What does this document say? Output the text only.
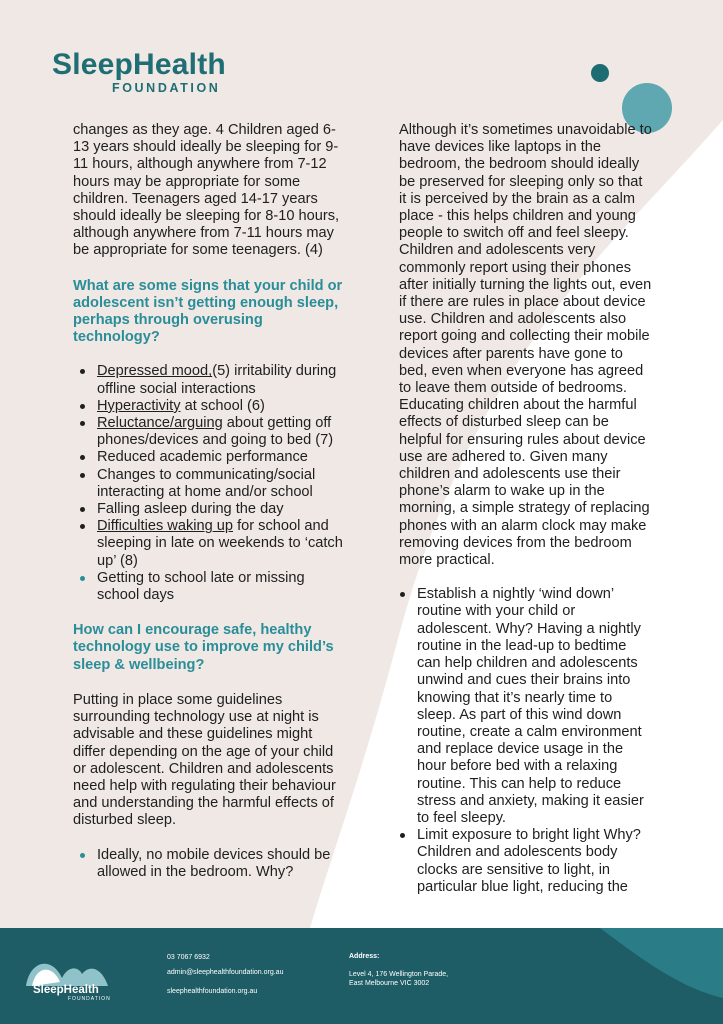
SleepHealth
FOUNDATION

changes as they age. 4 Children aged 6-13 years should ideally be sleeping for 9-11 hours, although anywhere from 7-12 hours may be appropriate for some children. Teenagers aged 14-17 years should ideally be sleeping for 8-10 hours, although anywhere from 7-11 hours may be appropriate for some teenagers. (4)

What are some signs that your child or adolescent isn’t getting enough sleep, perhaps through overusing technology?
Depressed mood,(5) irritability during offline social interactions
Hyperactivity at school (6)
Reluctance/arguing about getting off phones/devices and going to bed (7)
Reduced academic performance
Changes to communicating/social interacting at home and/or school
Falling asleep during the day
Difficulties waking up for school and sleeping in late on weekends to ‘catch up’ (8)
Getting to school late or missing school days
How can I encourage safe, healthy technology use to improve my child’s sleep & wellbeing?

Putting in place some guidelines surrounding technology use at night is advisable and these guidelines might differ depending on the age of your child or adolescent. Children and adolescents need help with regulating their behaviour and understanding the harmful effects of disturbed sleep.

Ideally, no mobile devices should be allowed in the bedroom. Why?

Although it’s sometimes unavoidable to have devices like laptops in the bedroom, the bedroom should ideally be preserved for sleeping only so that it is perceived by the brain as a calm place - this helps children and young people to switch off and feel sleepy. Children and adolescents very commonly report using their phones after initially turning the lights out, even if there are rules in place about device use. Children and adolescents also report going and collecting their mobile devices after parents have gone to bed, even when everyone has agreed to leave them outside of bedrooms. Educating children about the harmful effects of disturbed sleep can be helpful for ensuring rules about device use are adhered to. Given many children and adolescents use their phone’s alarm to wake up in the morning, a simple strategy of replacing phones with an alarm clock may make removing devices from the bedroom more practical.

Establish a nightly ‘wind down’ routine with your child or adolescent. Why? Having a nightly routine in the lead-up to bedtime can help children and adolescents unwind and cues their brains into knowing that it’s nearly time to sleep. As part of this wind down routine, create a calm environment and replace device usage in the hour before bed with a relaxing routine. This can help to reduce stress and anxiety, making it easier to feel sleepy.
Limit exposure to bright light Why? Children and adolescents body clocks are sensitive to light, in particular blue light, reducing the
SleepHealth
FOUNDATION
03 7067 6932
admin@sleephealthfoundation.org.au
sleephealthfoundation.org.au
Address:
Level 4, 176 Wellington Parade,
East Melbourne VIC 3002
